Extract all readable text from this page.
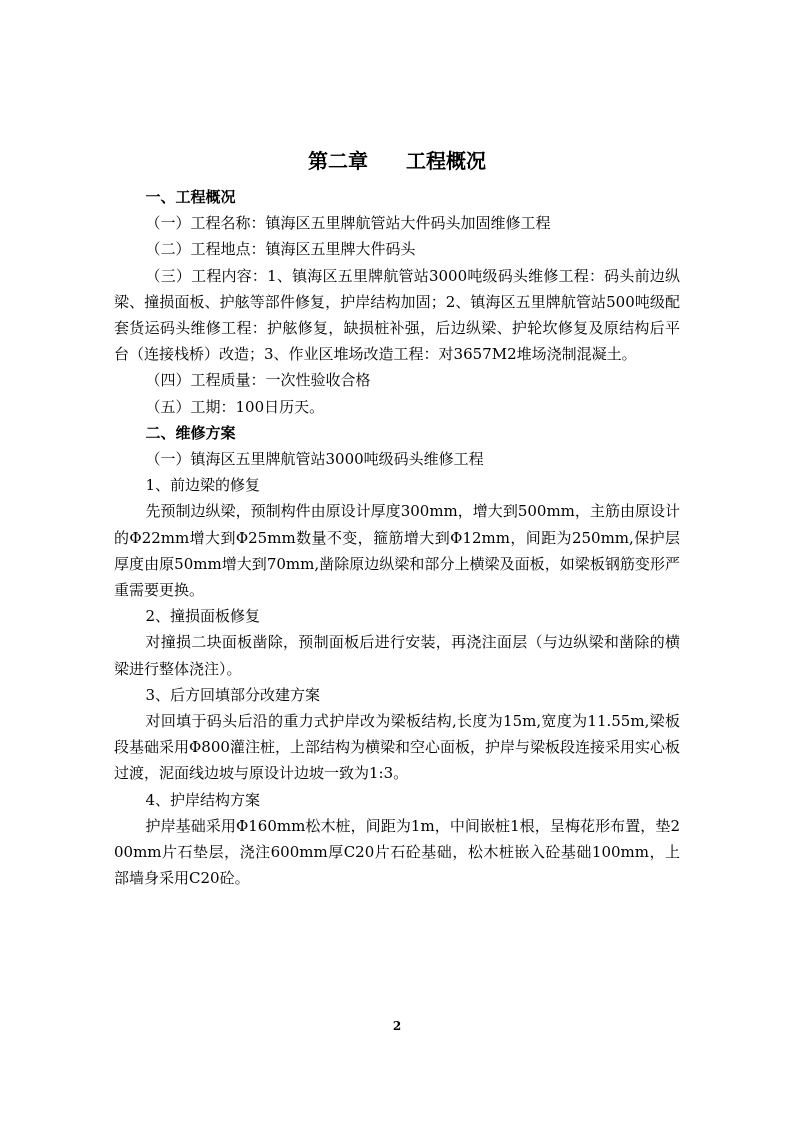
第二章 工程概况

一、工程概况

（一）工程名称：镇海区五里牌航管站大件码头加固维修工程

（二）工程地点：镇海区五里牌大件码头

（三）工程内容：1、镇海区五里牌航管站3000吨级码头维修工程：码头前边纵梁、撞损面板、护舷等部件修复，护岸结构加固；2、镇海区五里牌航管站500吨级配套货运码头维修工程：护舷修复，缺损桩补强，后边纵梁、护轮坎修复及原结构后平台（连接栈桥）改造；3、作业区堆场改造工程：对3657M2堆场浇制混凝土。

（四）工程质量：一次性验收合格

（五）工期：100日历天。

二、维修方案

（一）镇海区五里牌航管站3000吨级码头维修工程

1、前边梁的修复

先预制边纵梁，预制构件由原设计厚度300mm，增大到500mm，主筋由原设计的Φ22mm增大到Φ25mm数量不变，箍筋增大到Φ12mm，间距为250mm,保护层厚度由原50mm增大到70mm,凿除原边纵梁和部分上横梁及面板，如梁板钢筋变形严重需要更换。

2、撞损面板修复

对撞损二块面板凿除，预制面板后进行安装，再浇注面层（与边纵梁和凿除的横梁进行整体浇注）。

3、后方回填部分改建方案

对回填于码头后沿的重力式护岸改为梁板结构,长度为15m,宽度为11.55m,梁板段基础采用Φ800灌注桩，上部结构为横梁和空心面板，护岸与梁板段连接采用实心板过渡，泥面线边坡与原设计边坡一致为1:3。

4、护岸结构方案

护岸基础采用Φ160mm松木桩，间距为1m，中间嵌桩1根，呈梅花形布置，垫200mm片石垫层，浇注600mm厚C20片石砼基础，松木桩嵌入砼基础100mm，上部墙身采用C20砼。

2
